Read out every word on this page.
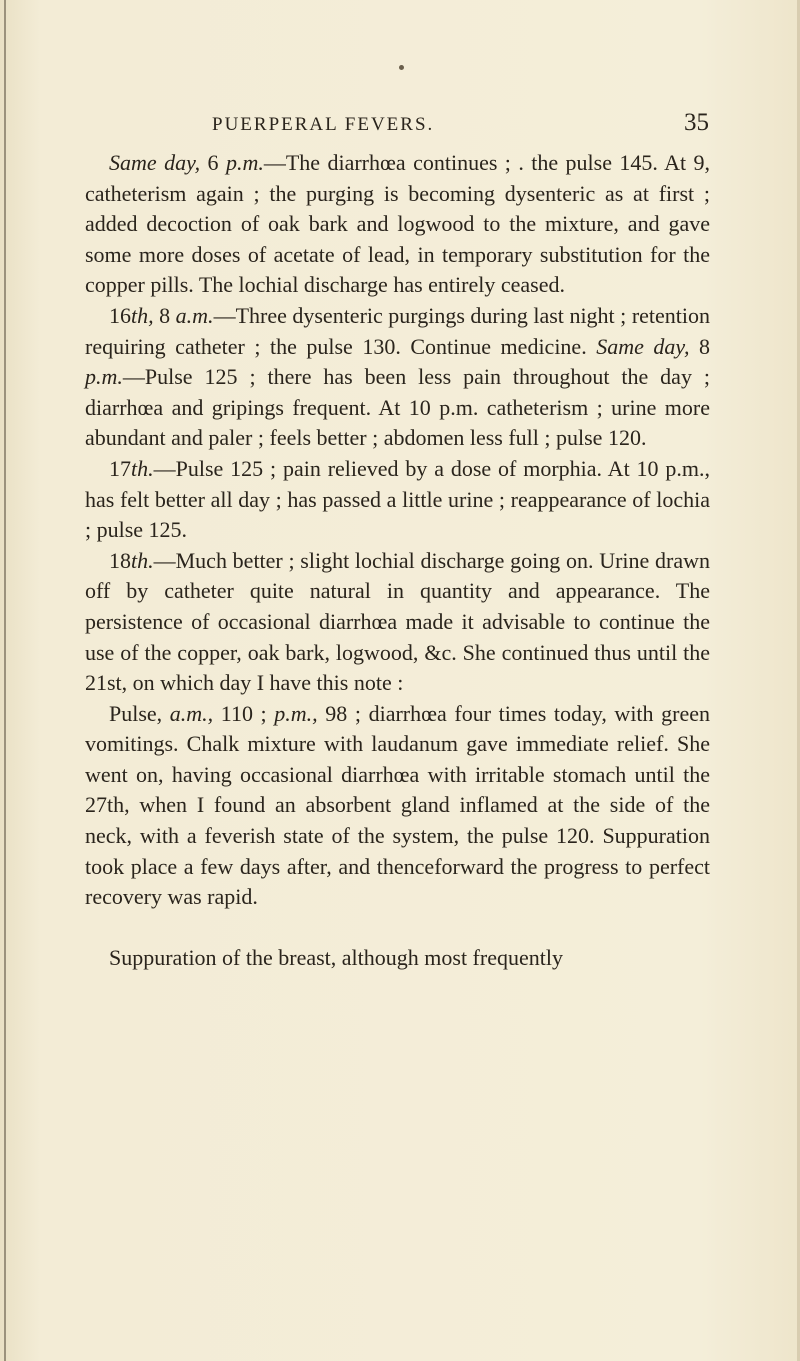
PUERPERAL FEVERS.	35

Same day, 6 p.m.—The diarrhœa continues ; . the pulse 145. At 9, catheterism again ; the purging is becoming dysenteric as at first ; added decoction of oak bark and logwood to the mixture, and gave some more doses of acetate of lead, in temporary substitution for the copper pills. The lochial discharge has entirely ceased.

16th, 8 a.m.—Three dysenteric purgings during last night ; retention requiring catheter ; the pulse 130. Continue medicine. Same day, 8 p.m.—Pulse 125 ; there has been less pain throughout the day ; diarrhœa and gripings frequent. At 10 p.m. catheterism ; urine more abundant and paler ; feels better ; abdomen less full ; pulse 120.

17th.—Pulse 125 ; pain relieved by a dose of morphia. At 10 p.m., has felt better all day ; has passed a little urine ; reappearance of lochia ; pulse 125.

18th.—Much better ; slight lochial discharge going on. Urine drawn off by catheter quite natural in quantity and appearance. The persistence of occasional diarrhœa made it advisable to continue the use of the copper, oak bark, logwood, &c. She continued thus until the 21st, on which day I have this note :

Pulse, a.m., 110 ; p.m., 98 ; diarrhœa four times today, with green vomitings. Chalk mixture with laudanum gave immediate relief. She went on, having occasional diarrhœa with irritable stomach until the 27th, when I found an absorbent gland inflamed at the side of the neck, with a feverish state of the system, the pulse 120. Suppuration took place a few days after, and thenceforward the progress to perfect recovery was rapid.

Suppuration of the breast, although most frequently
